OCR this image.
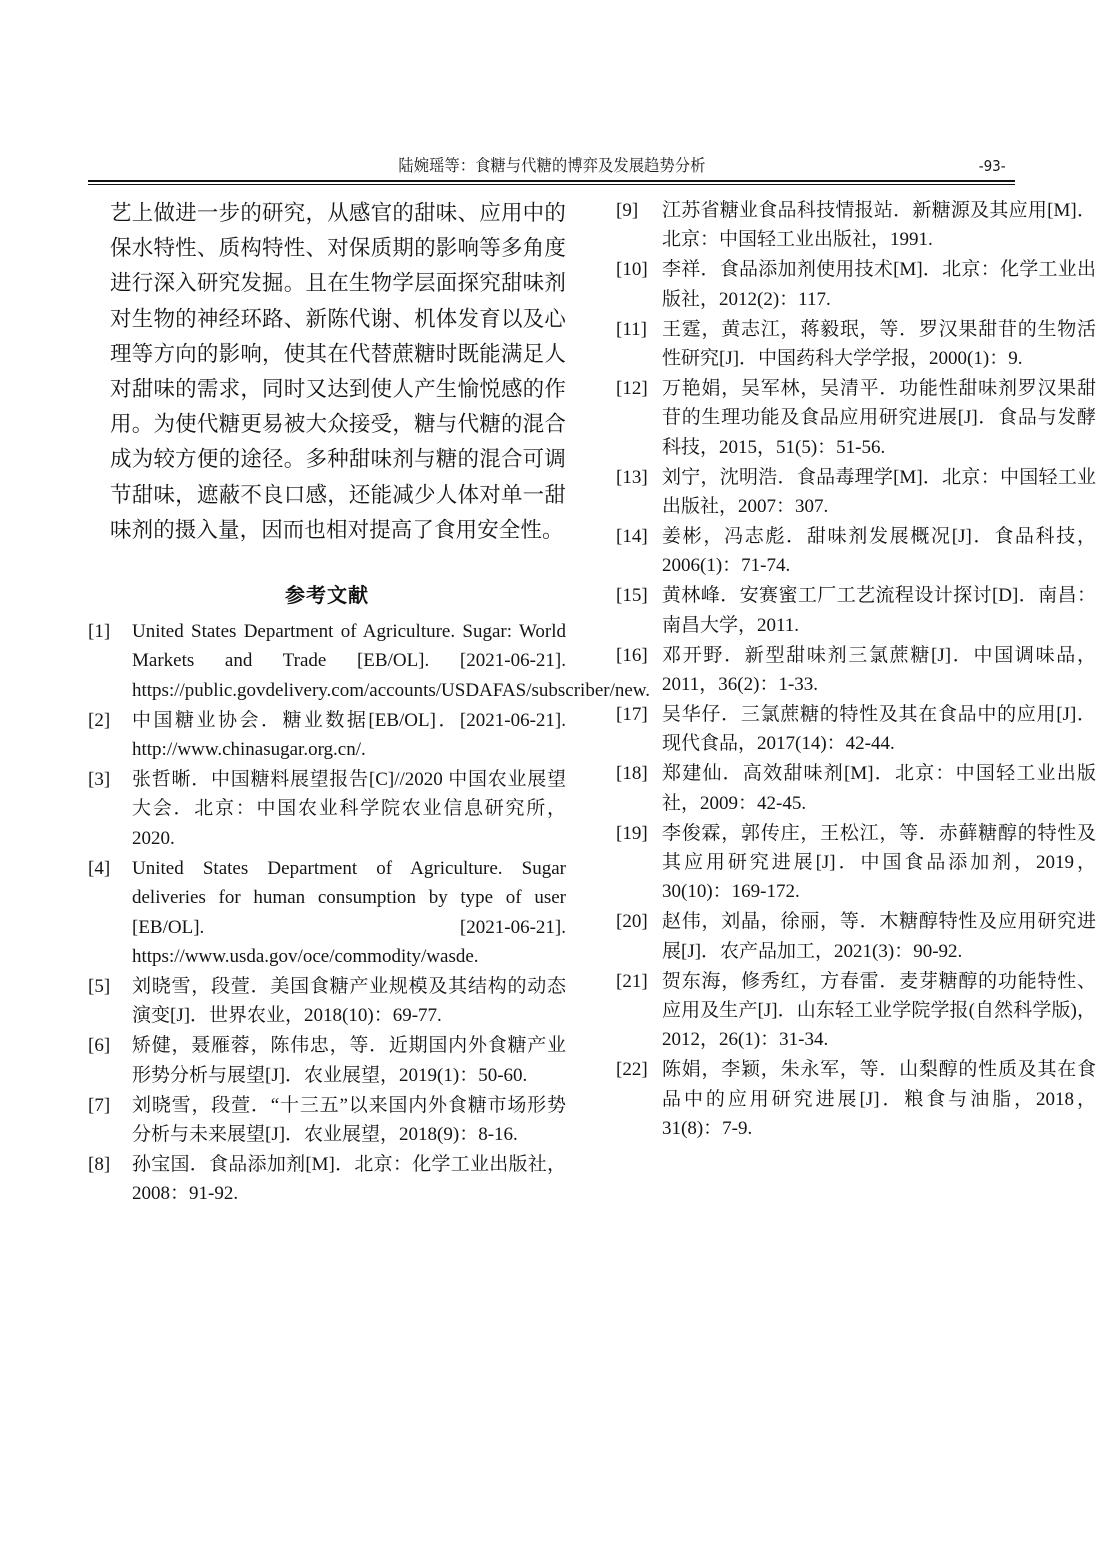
陆婉瑶等：食糖与代糖的博弈及发展趋势分析	-93-

艺上做进一步的研究，从感官的甜味、应用中的保水特性、质构特性、对保质期的影响等多角度进行深入研究发掘。且在生物学层面探究甜味剂对生物的神经环路、新陈代谢、机体发育以及心理等方向的影响，使其在代替蔗糖时既能满足人对甜味的需求，同时又达到使人产生愉悦感的作用。为使代糖更易被大众接受，糖与代糖的混合成为较方便的途径。多种甜味剂与糖的混合可调节甜味，遮蔽不良口感，还能减少人体对单一甜味剂的摄入量，因而也相对提高了食用安全性。

参考文献
[1]	United States Department of Agriculture. Sugar: World Markets and Trade [EB/OL]. [2021-06-21]. https://public.govdelivery.com/accounts/USDAFAS/subscriber/new.
[2]	中国糖业协会．糖业数据[EB/OL]．[2021-06-21]. http://www.chinasugar.org.cn/.
[3]	张哲晰．中国糖料展望报告[C]//2020 中国农业展望大会．北京：中国农业科学院农业信息研究所，2020.
[4]	United States Department of Agriculture. Sugar deliveries for human consumption by type of user [EB/OL]. [2021-06-21]. https://www.usda.gov/oce/commodity/wasde.
[5]	刘晓雪，段萱．美国食糖产业规模及其结构的动态演变[J]．世界农业，2018(10)：69-77.
[6]	矫健，聂雁蓉，陈伟忠，等．近期国内外食糖产业形势分析与展望[J]．农业展望，2019(1)：50-60.
[7]	刘晓雪，段萱．“十三五”以来国内外食糖市场形势分析与未来展望[J]．农业展望，2018(9)：8-16.
[8]	孙宝国．食品添加剂[M]．北京：化学工业出版社，2008：91-92.
[9]	江苏省糖业食品科技情报站．新糖源及其应用[M]．北京：中国轻工业出版社，1991.
[10] 李祥．食品添加剂使用技术[M]．北京：化学工业出版社，2012(2)：117.
[11] 王霆，黄志江，蒋毅珉，等．罗汉果甜苷的生物活性研究[J]．中国药科大学学报，2000(1)：9.
[12] 万艳娟，吴军林，吴清平．功能性甜味剂罗汉果甜苷的生理功能及食品应用研究进展[J]．食品与发酵科技，2015，51(5)：51-56.
[13] 刘宁，沈明浩．食品毒理学[M]．北京：中国轻工业出版社，2007：307.
[14] 姜彬，冯志彪．甜味剂发展概况[J]．食品科技，2006(1)：71-74.
[15] 黄林峰．安赛蜜工厂工艺流程设计探讨[D]．南昌：南昌大学，2011.
[16] 邓开野．新型甜味剂三氯蔗糖[J]．中国调味品，2011，36(2)：1-33.
[17] 吴华仔．三氯蔗糖的特性及其在食品中的应用[J]．现代食品，2017(14)：42-44.
[18] 郑建仙．高效甜味剂[M]．北京：中国轻工业出版社，2009：42-45.
[19] 李俊霖，郭传庄，王松江，等．赤藓糖醇的特性及其应用研究进展[J]．中国食品添加剂，2019，30(10)：169-172.
[20] 赵伟，刘晶，徐丽，等．木糖醇特性及应用研究进展[J]．农产品加工，2021(3)：90-92.
[21] 贺东海，修秀红，方春雷．麦芽糖醇的功能特性、应用及生产[J]．山东轻工业学院学报(自然科学版)，2012，26(1)：31-34.
[22] 陈娟，李颖，朱永军，等．山梨醇的性质及其在食品中的应用研究进展[J]．粮食与油脂，2018，31(8)：7-9.
